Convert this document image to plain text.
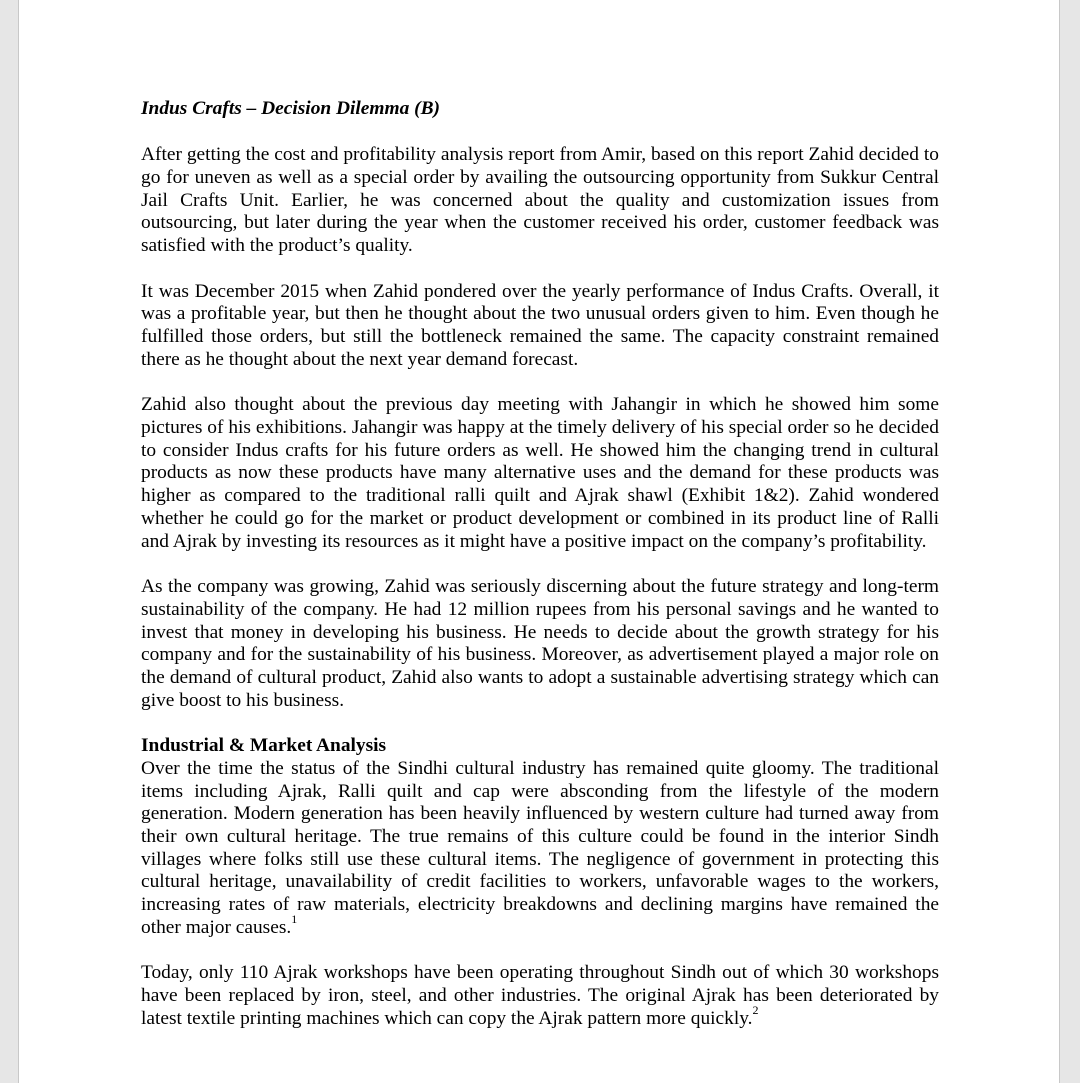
Indus Crafts – Decision Dilemma (B)

After getting the cost and profitability analysis report from Amir, based on this report Zahid decided to go for uneven as well as a special order by availing the outsourcing opportunity from Sukkur Central Jail Crafts Unit. Earlier, he was concerned about the quality and customization issues from outsourcing, but later during the year when the customer received his order, customer feedback was satisfied with the product’s quality.

It was December 2015 when Zahid pondered over the yearly performance of Indus Crafts. Overall, it was a profitable year, but then he thought about the two unusual orders given to him. Even though he fulfilled those orders, but still the bottleneck remained the same. The capacity constraint remained there as he thought about the next year demand forecast.

Zahid also thought about the previous day meeting with Jahangir in which he showed him some pictures of his exhibitions. Jahangir was happy at the timely delivery of his special order so he decided to consider Indus crafts for his future orders as well. He showed him the changing trend in cultural products as now these products have many alternative uses and the demand for these products was higher as compared to the traditional ralli quilt and Ajrak shawl (Exhibit 1&2). Zahid wondered whether he could go for the market or product development or combined in its product line of Ralli and Ajrak by investing its resources as it might have a positive impact on the company’s profitability.

As the company was growing, Zahid was seriously discerning about the future strategy and long-term sustainability of the company. He had 12 million rupees from his personal savings and he wanted to invest that money in developing his business. He needs to decide about the growth strategy for his company and for the sustainability of his business. Moreover, as advertisement played a major role on the demand of cultural product, Zahid also wants to adopt a sustainable advertising strategy which can give boost to his business.

Industrial & Market Analysis

Over the time the status of the Sindhi cultural industry has remained quite gloomy. The traditional items including Ajrak, Ralli quilt and cap were absconding from the lifestyle of the modern generation. Modern generation has been heavily influenced by western culture had turned away from their own cultural heritage. The true remains of this culture could be found in the interior Sindh villages where folks still use these cultural items. The negligence of government in protecting this cultural heritage, unavailability of credit facilities to workers, unfavorable wages to the workers, increasing rates of raw materials, electricity breakdowns and declining margins have remained the other major causes.$^1$

Today, only 110 Ajrak workshops have been operating throughout Sindh out of which 30 workshops have been replaced by iron, steel, and other industries. The original Ajrak has been deteriorated by latest textile printing machines which can copy the Ajrak pattern more quickly.$^2$
